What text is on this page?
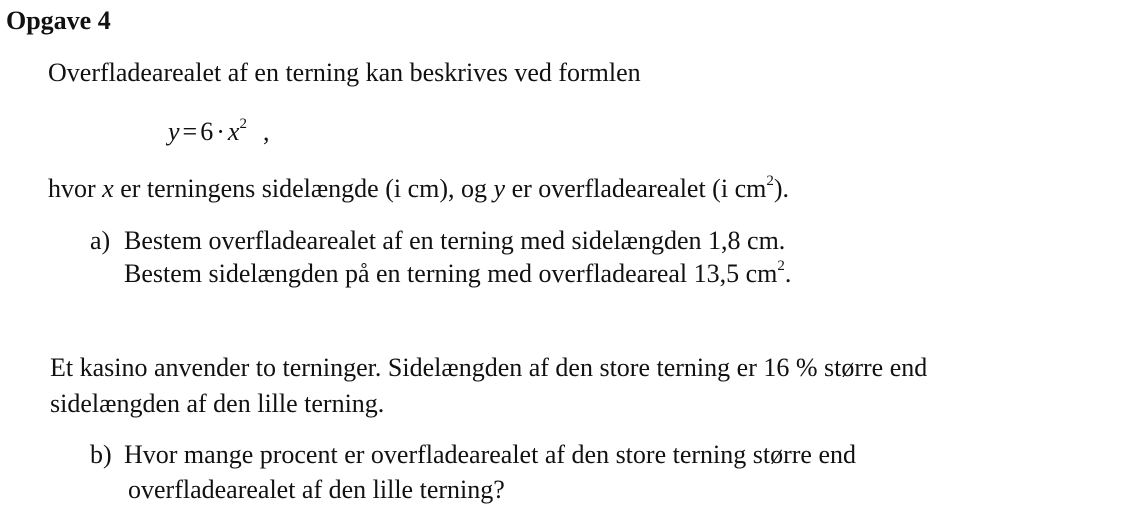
Opgave 4
Overfladearealet af en terning kan beskrives ved formlen
$y = 6 \cdot x^2$ ,
hvor x er terningens sidelængde (i cm), og y er overfladearealet (i $cm^2$).
a) Bestem overfladearealet af en terning med sidelængden 1,8 cm.
Bestem sidelængden på en terning med overfladeareal 13,5 $cm^2$.
Et kasino anvender to terninger. Sidelængden af den store terning er 16 % større end
sidelængden af den lille terning.
b) Hvor mange procent er overfladearealet af den store terning større end
overfladearealet af den lille terning?
